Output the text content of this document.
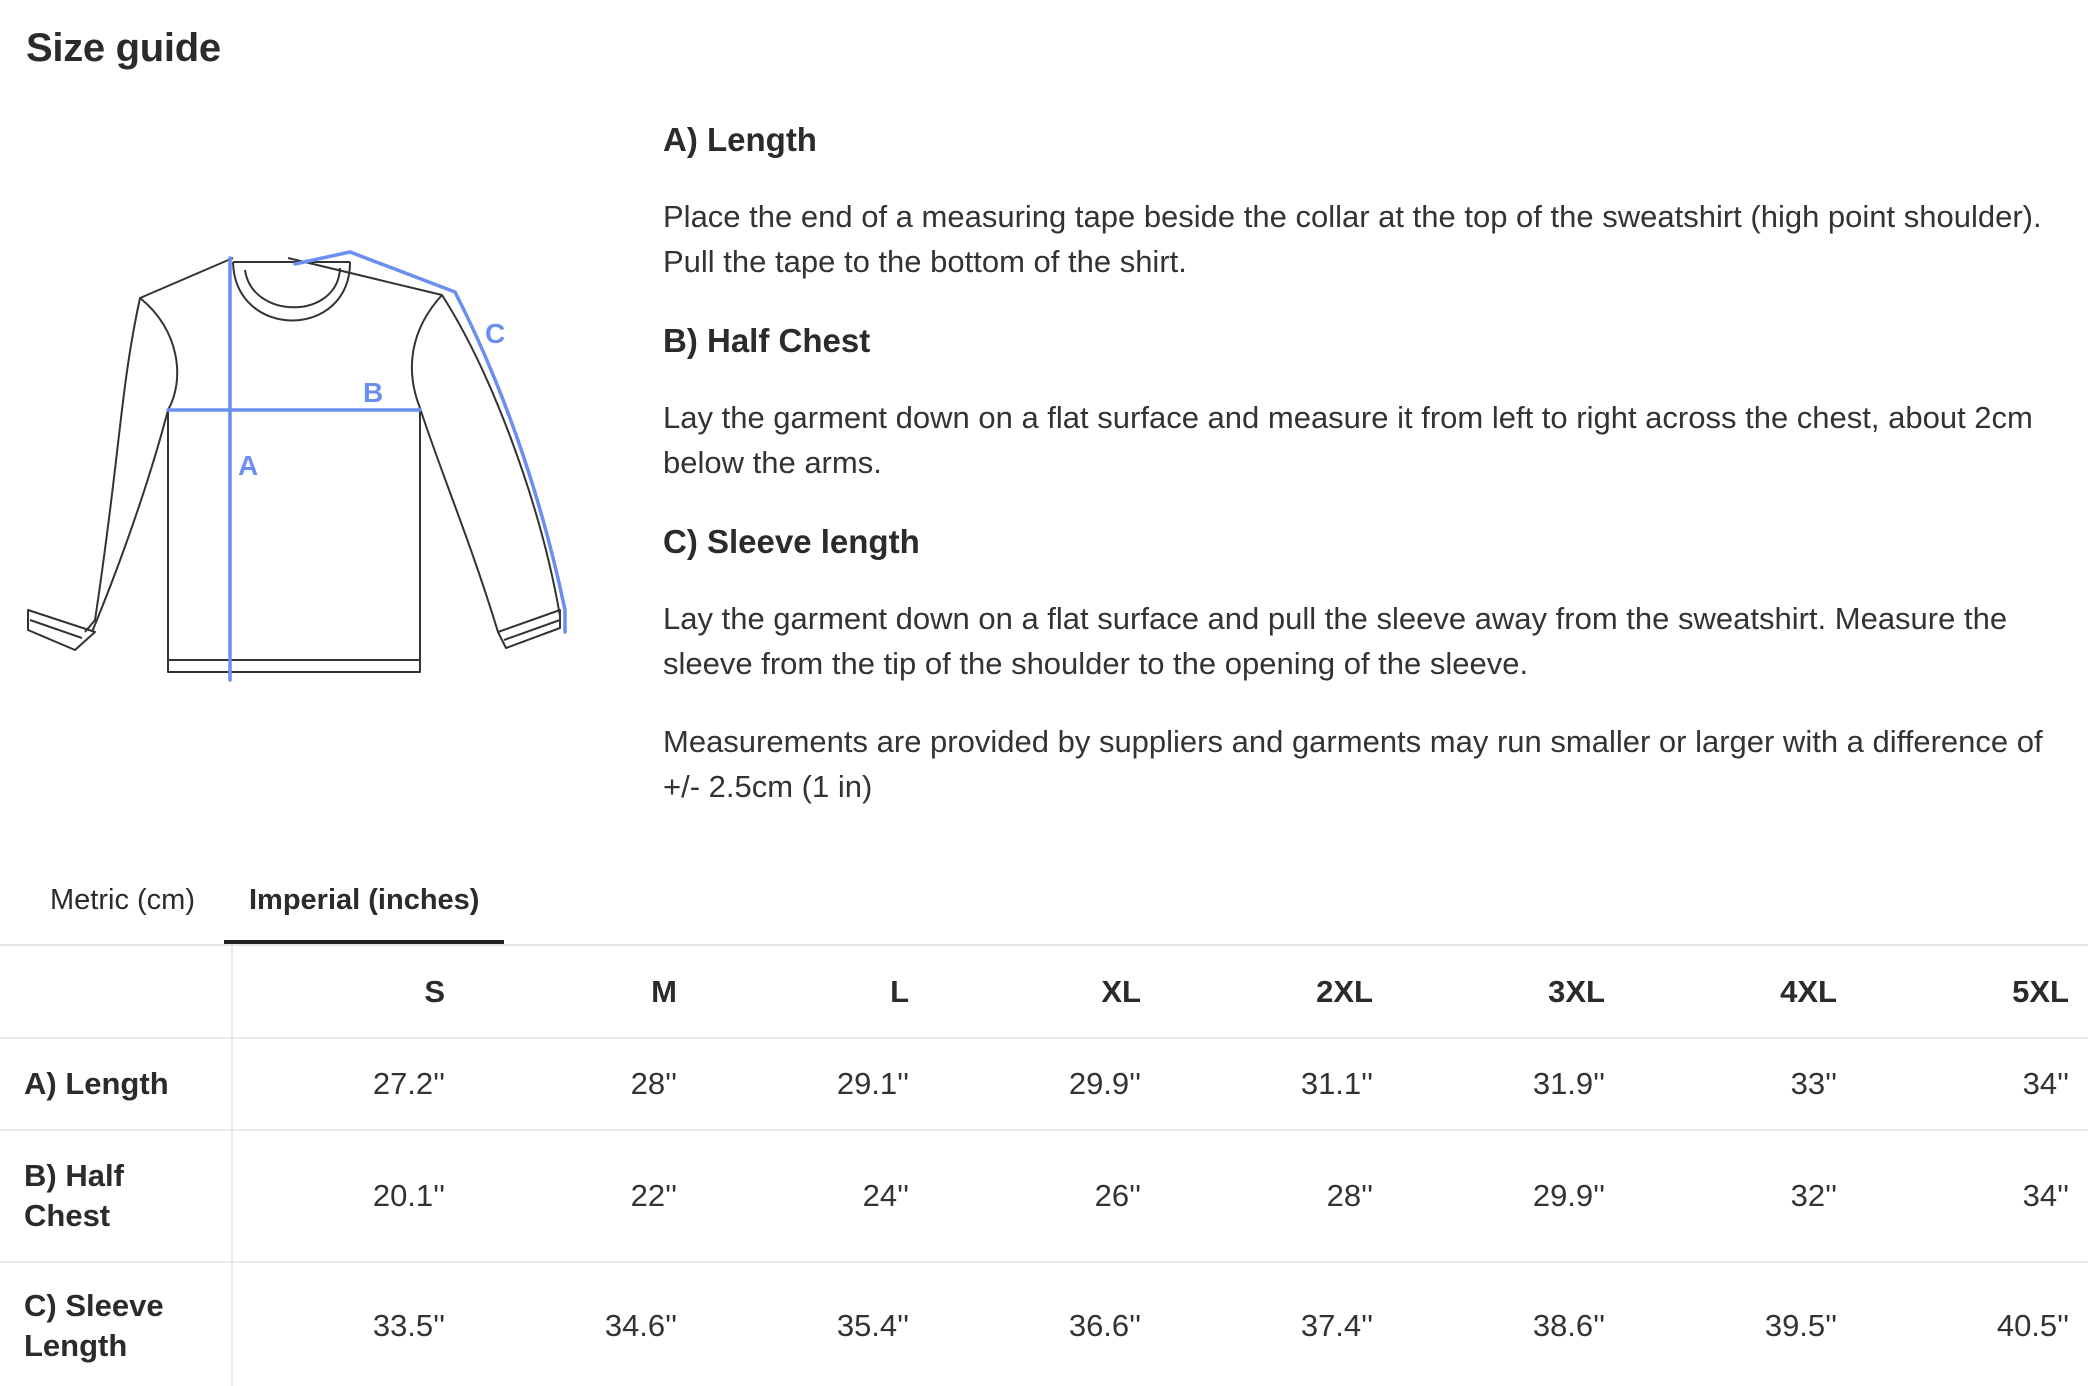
Size guide
A
B
C
A) Length

Place the end of a measuring tape beside the collar at the top of the sweatshirt (high point shoulder). Pull the tape to the bottom of the shirt.

B) Half Chest

Lay the garment down on a flat surface and measure it from left to right across the chest, about 2cm below the arms.

C) Sleeve length

Lay the garment down on a flat surface and pull the sleeve away from the sweatshirt. Measure the sleeve from the tip of the shoulder to the opening of the sleeve.

Measurements are provided by suppliers and garments may run smaller or larger with a difference of +/- 2.5cm (1 in)

Metric (cm)	Imperial (inches)
	S	M	L	XL	2XL	3XL	4XL	5XL
A) Length	27.2''	28''	29.1''	29.9''	31.1''	31.9''	33''	34''
B) Half Chest	20.1''	22''	24''	26''	28''	29.9''	32''	34''
C) Sleeve Length	33.5''	34.6''	35.4''	36.6''	37.4''	38.6''	39.5''	40.5''
